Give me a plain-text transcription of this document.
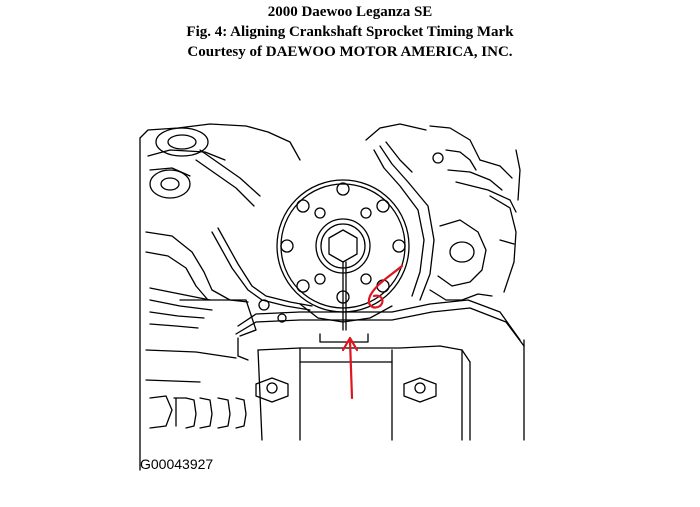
2000 Daewoo Leganza SE
Fig. 4: Aligning Crankshaft Sprocket Timing Mark
Courtesy of DAEWOO MOTOR AMERICA, INC.
G00043927
